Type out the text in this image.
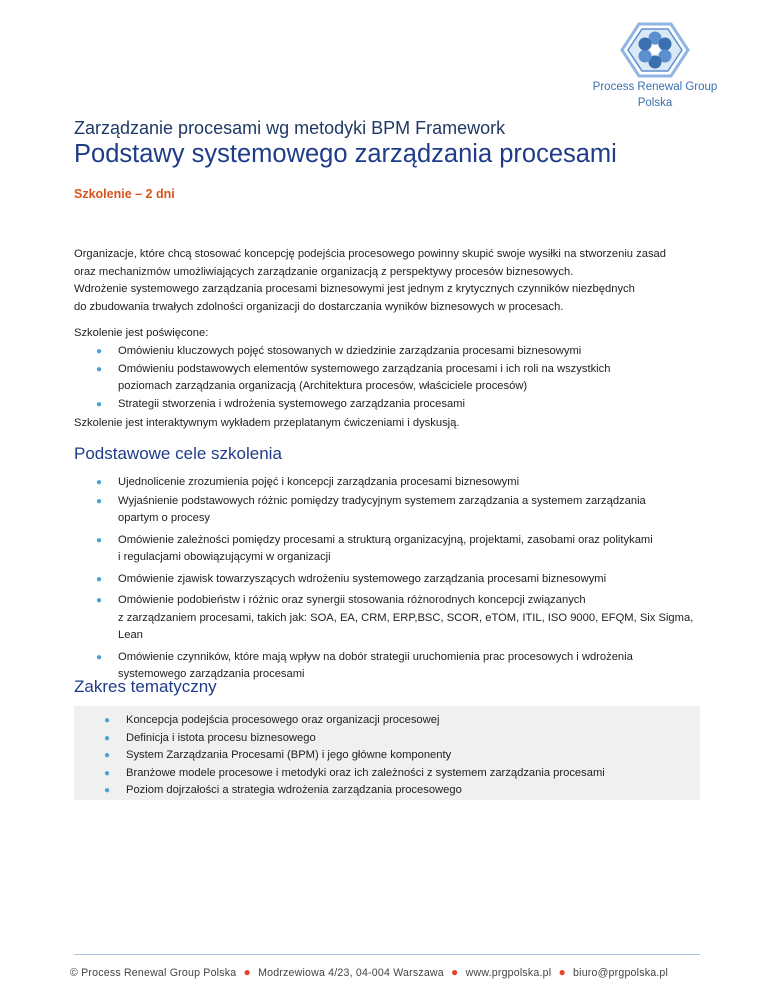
Process Renewal Group
Polska
Zarządzanie procesami wg metodyki BPM Framework
Podstawy systemowego zarządzania procesami
Szkolenie – 2 dni
Organizacje, które chcą stosować koncepcję podejścia procesowego powinny skupić swoje wysiłki na stworzeniu zasad
oraz mechanizmów umożliwiających zarządzanie organizacją z perspektywy procesów biznesowych.
Wdrożenie systemowego zarządzania procesami biznesowymi jest jednym z krytycznych czynników niezbędnych
do zbudowania trwałych zdolności organizacji do dostarczania wyników biznesowych w procesach.
Szkolenie jest poświęcone:
● Omówieniu kluczowych pojęć stosowanych w dziedzinie zarządzania procesami biznesowymi
● Omówieniu podstawowych elementów systemowego zarządzania procesami i ich roli na wszystkich
poziomach zarządzania organizacją (Architektura procesów, właściciele procesów)
● Strategii stworzenia i wdrożenia systemowego zarządzania procesami
Szkolenie jest interaktywnym wykładem przeplatanym ćwiczeniami i dyskusją.
Podstawowe cele szkolenia
● Ujednolicenie zrozumienia pojęć i koncepcji zarządzania procesami biznesowymi
● Wyjaśnienie podstawowych różnic pomiędzy tradycyjnym systemem zarządzania a systemem zarządzania
opartym o procesy
● Omówienie zależności pomiędzy procesami a strukturą organizacyjną, projektami, zasobami oraz politykami
i regulacjami obowiązującymi w organizacji
● Omówienie zjawisk towarzyszących wdrożeniu systemowego zarządzania procesami biznesowymi
● Omówienie podobieństw i różnic oraz synergii stosowania różnorodnych koncepcji związanych
z zarządzaniem procesami, takich jak: SOA, EA, CRM, ERP,BSC, SCOR, eTOM, ITIL, ISO 9000, EFQM, Six Sigma,
Lean
● Omówienie czynników, które mają wpływ na dobór strategii uruchomienia prac procesowych i wdrożenia
systemowego zarządzania procesami
Zakres tematyczny
● Koncepcja podejścia procesowego oraz organizacji procesowej
● Definicja i istota procesu biznesowego
● System Zarządzania Procesami (BPM) i jego główne komponenty
● Branżowe modele procesowe i metodyki oraz ich zależności z systemem zarządzania procesami
● Poziom dojrzałości a strategia wdrożenia zarządzania procesowego
© Process Renewal Group Polska ● Modrzewiowa 4/23, 04-004 Warszawa ● www.prgpolska.pl ● biuro@prgpolska.pl
